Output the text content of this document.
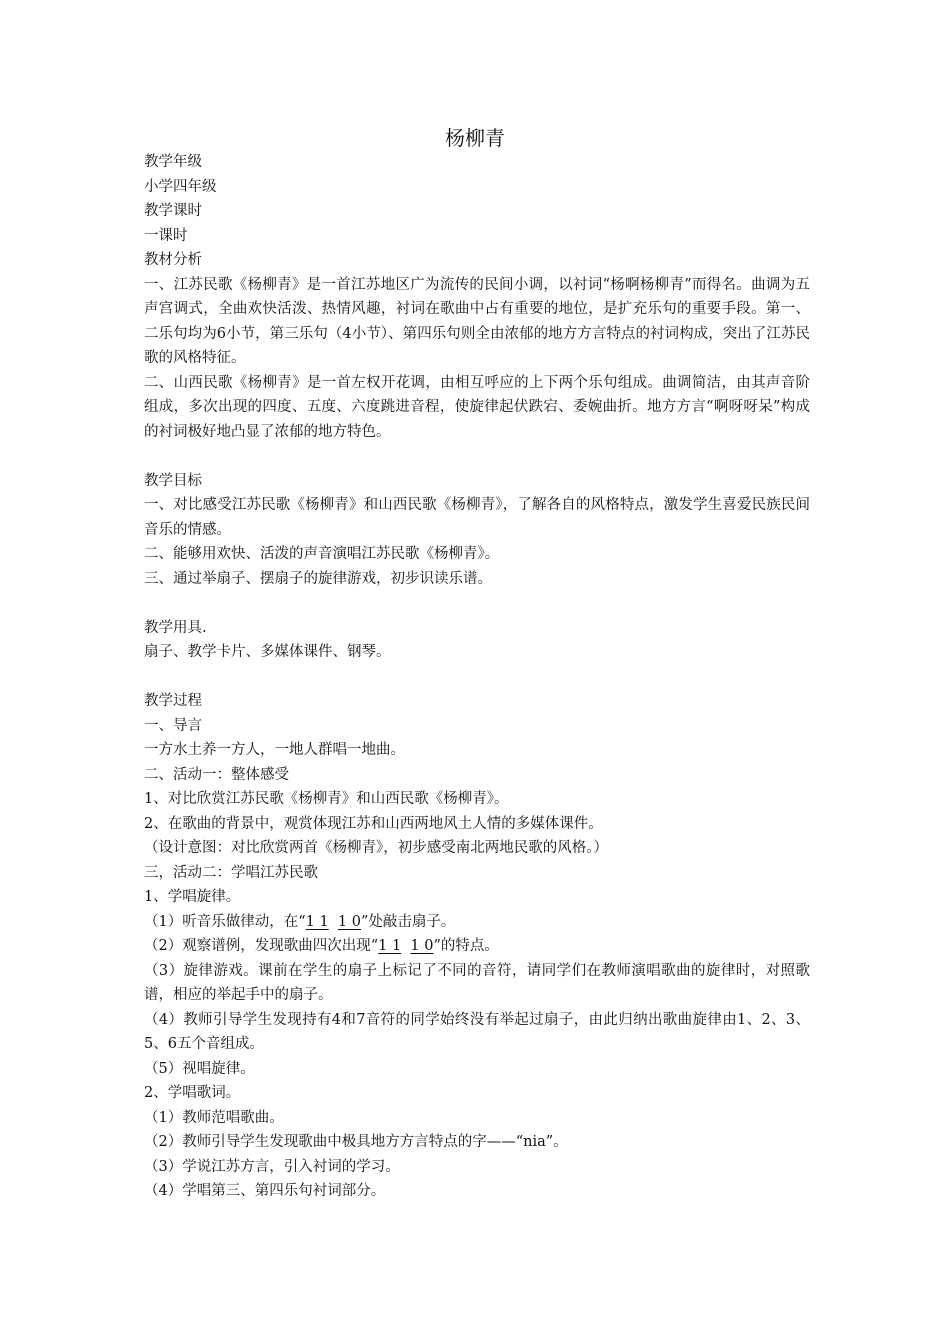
杨柳青
教学年级
小学四年级
教学课时
一课时
教材分析
一、江苏民歌《杨柳青》是一首江苏地区广为流传的民间小调，以衬词“杨啊杨柳青”而得名。曲调为五声宫调式，全曲欢快活泼、热情风趣，衬词在歌曲中占有重要的地位，是扩充乐句的重要手段。第一、二乐句均为6小节，第三乐句（4小节）、第四乐句则全由浓郁的地方方言特点的衬词构成，突出了江苏民歌的风格特征。
二、山西民歌《杨柳青》是一首左权开花调，由相互呼应的上下两个乐句组成。曲调简洁，由其声音阶组成，多次出现的四度、五度、六度跳进音程，使旋律起伏跌宕、委婉曲折。地方方言“啊呀呀呆”构成的衬词极好地凸显了浓郁的地方特色。
教学目标
一、对比感受江苏民歌《杨柳青》和山西民歌《杨柳青》，了解各自的风格特点，激发学生喜爱民族民间音乐的情感。
二、能够用欢快、活泼的声音演唱江苏民歌《杨柳青》。
三、通过举扇子、摆扇子的旋律游戏，初步识读乐谱。
教学用具.
扇子、教学卡片、多媒体课件、钢琴。
教学过程
一、导言
一方水土养一方人，一地人群唱一地曲。
二、活动一：整体感受
1、对比欣赏江苏民歌《杨柳青》和山西民歌《杨柳青》。
2、在歌曲的背景中，观赏体现江苏和山西两地风土人情的多媒体课件。
（设计意图：对比欣赏两首《杨柳青》，初步感受南北两地民歌的风格。）
三，活动二：学唱江苏民歌
1、学唱旋律。
（1）听音乐做律动，在“1 1 1 0”处敲击扇子。
（2）观察谱例，发现歌曲四次出现“1 1 1 0”的特点。
（3）旋律游戏。课前在学生的扇子上标记了不同的音符，请同学们在教师演唱歌曲的旋律时，对照歌谱，相应的举起手中的扇子。
（4）教师引导学生发现持有4和7音符的同学始终没有举起过扇子，由此归纳出歌曲旋律由1、2、3、5、6五个音组成。
（5）视唱旋律。
2、学唱歌词。
（1）教师范唱歌曲。
（2）教师引导学生发现歌曲中极具地方方言特点的字——“nia”。
（3）学说江苏方言，引入衬词的学习。
（4）学唱第三、第四乐句衬词部分。
